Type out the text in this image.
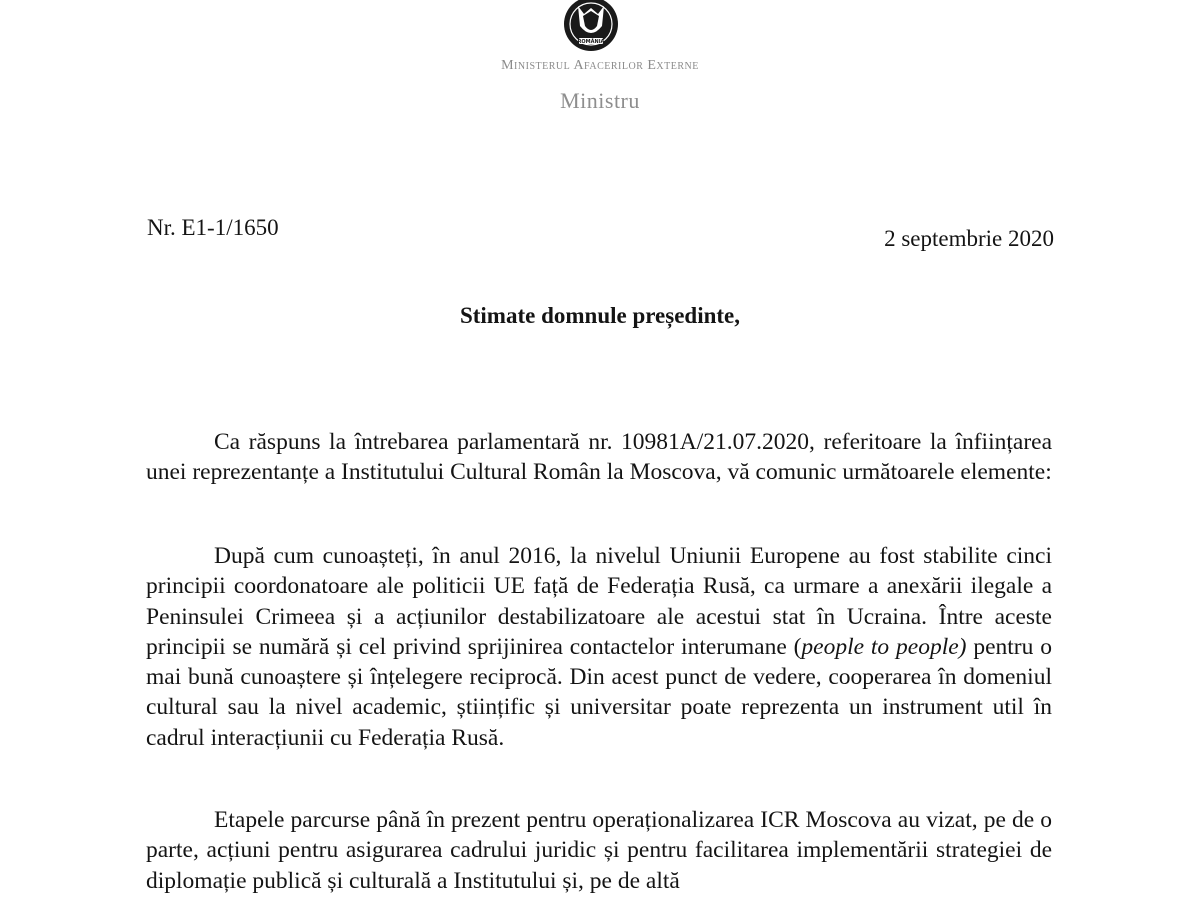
ROMÂNIA
Ministerul Afacerilor Externe
Ministru
Nr. E1-1/1650	2 septembrie 2020
Stimate domnule președinte,

Ca răspuns la întrebarea parlamentară nr. 10981A/21.07.2020, referitoare la înființarea unei reprezentanțe a Institutului Cultural Român la Moscova, vă comunic următoarele elemente:

După cum cunoașteți, în anul 2016, la nivelul Uniunii Europene au fost stabilite cinci principii coordonatoare ale politicii UE față de Federația Rusă, ca urmare a anexării ilegale a Peninsulei Crimeea și a acțiunilor destabilizatoare ale acestui stat în Ucraina. Între aceste principii se numără și cel privind sprijinirea contactelor interumane (people to people) pentru o mai bună cunoaștere și înțelegere reciprocă. Din acest punct de vedere, cooperarea în domeniul cultural sau la nivel academic, științific și universitar poate reprezenta un instrument util în cadrul interacțiunii cu Federația Rusă.

Etapele parcurse până în prezent pentru operaționalizarea ICR Moscova au vizat, pe de o parte, acțiuni pentru asigurarea cadrului juridic și pentru facilitarea implementării strategiei de diplomație publică și culturală a Institutului și, pe de altă
